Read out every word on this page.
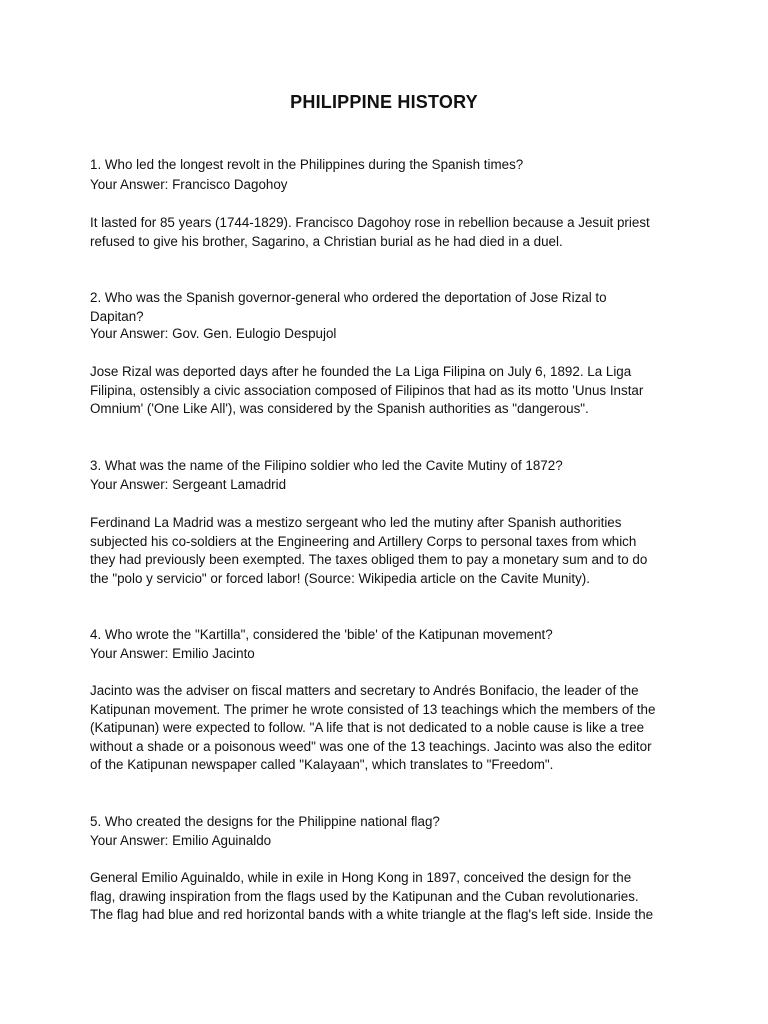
PHILIPPINE HISTORY
1. Who led the longest revolt in the Philippines during the Spanish times?
Your Answer: Francisco Dagohoy
It lasted for 85 years (1744-1829). Francisco Dagohoy rose in rebellion because a Jesuit priest
refused to give his brother, Sagarino, a Christian burial as he had died in a duel.
2. Who was the Spanish governor-general who ordered the deportation of Jose Rizal to
Dapitan?
Your Answer: Gov. Gen. Eulogio Despujol
Jose Rizal was deported days after he founded the La Liga Filipina on July 6, 1892. La Liga
Filipina, ostensibly a civic association composed of Filipinos that had as its motto 'Unus Instar
Omnium' ('One Like All'), was considered by the Spanish authorities as "dangerous".
3. What was the name of the Filipino soldier who led the Cavite Mutiny of 1872?
Your Answer: Sergeant Lamadrid
Ferdinand La Madrid was a mestizo sergeant who led the mutiny after Spanish authorities
subjected his co-soldiers at the Engineering and Artillery Corps to personal taxes from which
they had previously been exempted. The taxes obliged them to pay a monetary sum and to do
the "polo y servicio" or forced labor! (Source: Wikipedia article on the Cavite Munity).
4. Who wrote the "Kartilla", considered the 'bible' of the Katipunan movement?
Your Answer: Emilio Jacinto
Jacinto was the adviser on fiscal matters and secretary to Andrés Bonifacio, the leader of the
Katipunan movement. The primer he wrote consisted of 13 teachings which the members of the
(Katipunan) were expected to follow. "A life that is not dedicated to a noble cause is like a tree
without a shade or a poisonous weed" was one of the 13 teachings. Jacinto was also the editor
of the Katipunan newspaper called "Kalayaan", which translates to "Freedom".
5. Who created the designs for the Philippine national flag?
Your Answer: Emilio Aguinaldo
General Emilio Aguinaldo, while in exile in Hong Kong in 1897, conceived the design for the
flag, drawing inspiration from the flags used by the Katipunan and the Cuban revolutionaries.
The flag had blue and red horizontal bands with a white triangle at the flag's left side. Inside the
